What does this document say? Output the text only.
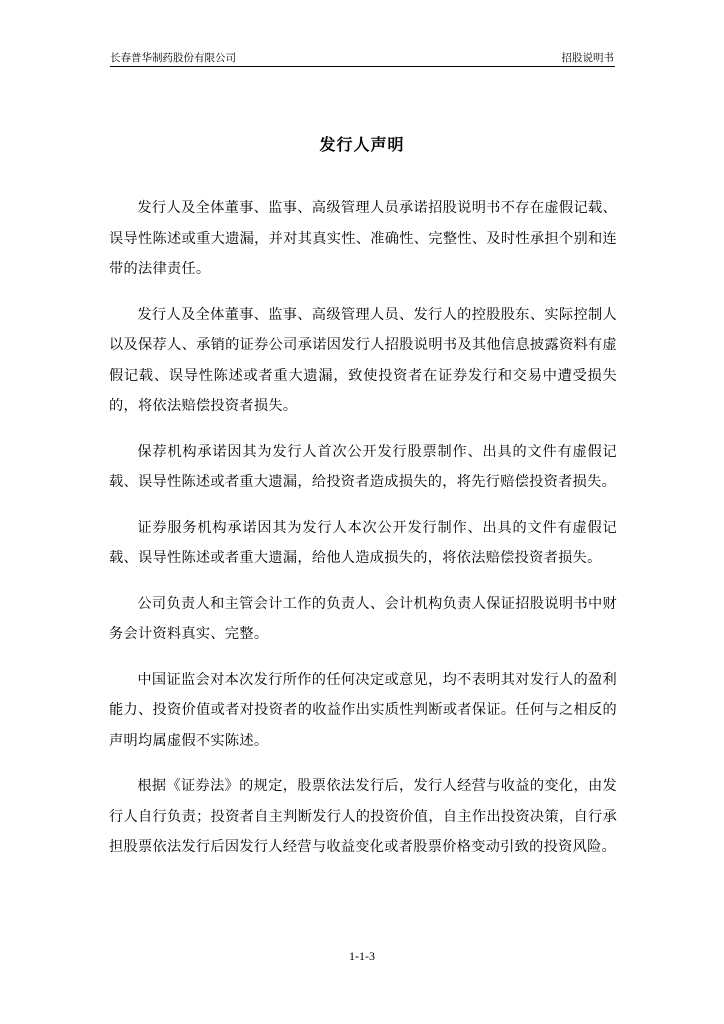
长春普华制药股份有限公司	招股说明书
发行人声明

发行人及全体董事、监事、高级管理人员承诺招股说明书不存在虚假记载、误导性陈述或重大遗漏，并对其真实性、准确性、完整性、及时性承担个别和连带的法律责任。

发行人及全体董事、监事、高级管理人员、发行人的控股股东、实际控制人以及保荐人、承销的证券公司承诺因发行人招股说明书及其他信息披露资料有虚假记载、误导性陈述或者重大遗漏，致使投资者在证券发行和交易中遭受损失的，将依法赔偿投资者损失。

保荐机构承诺因其为发行人首次公开发行股票制作、出具的文件有虚假记载、误导性陈述或者重大遗漏，给投资者造成损失的，将先行赔偿投资者损失。

证券服务机构承诺因其为发行人本次公开发行制作、出具的文件有虚假记载、误导性陈述或者重大遗漏，给他人造成损失的，将依法赔偿投资者损失。

公司负责人和主管会计工作的负责人、会计机构负责人保证招股说明书中财务会计资料真实、完整。

中国证监会对本次发行所作的任何决定或意见，均不表明其对发行人的盈利能力、投资价值或者对投资者的收益作出实质性判断或者保证。任何与之相反的声明均属虚假不实陈述。

根据《证券法》的规定，股票依法发行后，发行人经营与收益的变化，由发行人自行负责；投资者自主判断发行人的投资价值，自主作出投资决策，自行承担股票依法发行后因发行人经营与收益变化或者股票价格变动引致的投资风险。

1-1-3
